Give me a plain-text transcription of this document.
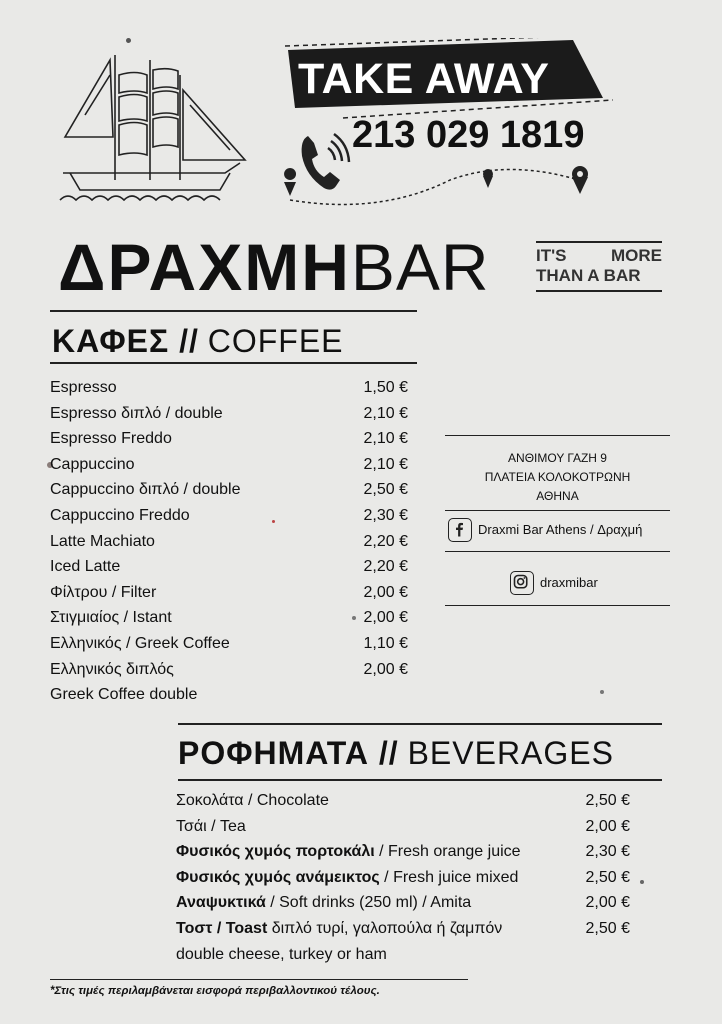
TAKE AWAY
213 029 1819
ΔΡΑΧΜΗBAR	IT'S	MORE
THAN A BAR
ΚΑΦΕΣ // COFFEE
Espresso	1,50 €
Espresso διπλό / double	2,10 €
Espresso Freddo	2,10 €
Cappuccino	2,10 €
Cappuccino διπλό / double	2,50 €
Cappuccino Freddo	2,30 €
Latte Machiato	2,20 €
Iced Latte	2,20 €
Φίλτρου / Filter	2,00 €
Στιγμιαίος / Istant	2,00 €
Ελληνικός / Greek Coffee	1,10 €
Ελληνικός διπλός	2,00 €
Greek Coffee double
ΑΝΘΙΜΟΥ ΓΑΖΗ 9
ΠΛΑΤΕΙΑ ΚΟΛΟΚΟΤΡΩΝΗ
ΑΘΗΝΑ
Draxmi Bar Athens / Δραχμή
draxmibar
ΡΟΦΗΜΑΤΑ // BEVERAGES
Σοκολάτα / Chocolate	2,50 €
Τσάι / Tea	2,00 €
Φυσικός χυμός πορτοκάλι / Fresh orange juice	2,30 €
Φυσικός χυμός ανάμεικτος / Fresh juice mixed	2,50 €
Αναψυκτικά / Soft drinks (250 ml) / Amita	2,00 €
Τοστ / Toast διπλό τυρί, γαλοπούλα ή ζαμπόν	2,50 €
double cheese, turkey or ham
*Στις τιμές περιλαμβάνεται εισφορά περιβαλλοντικού τέλους.
